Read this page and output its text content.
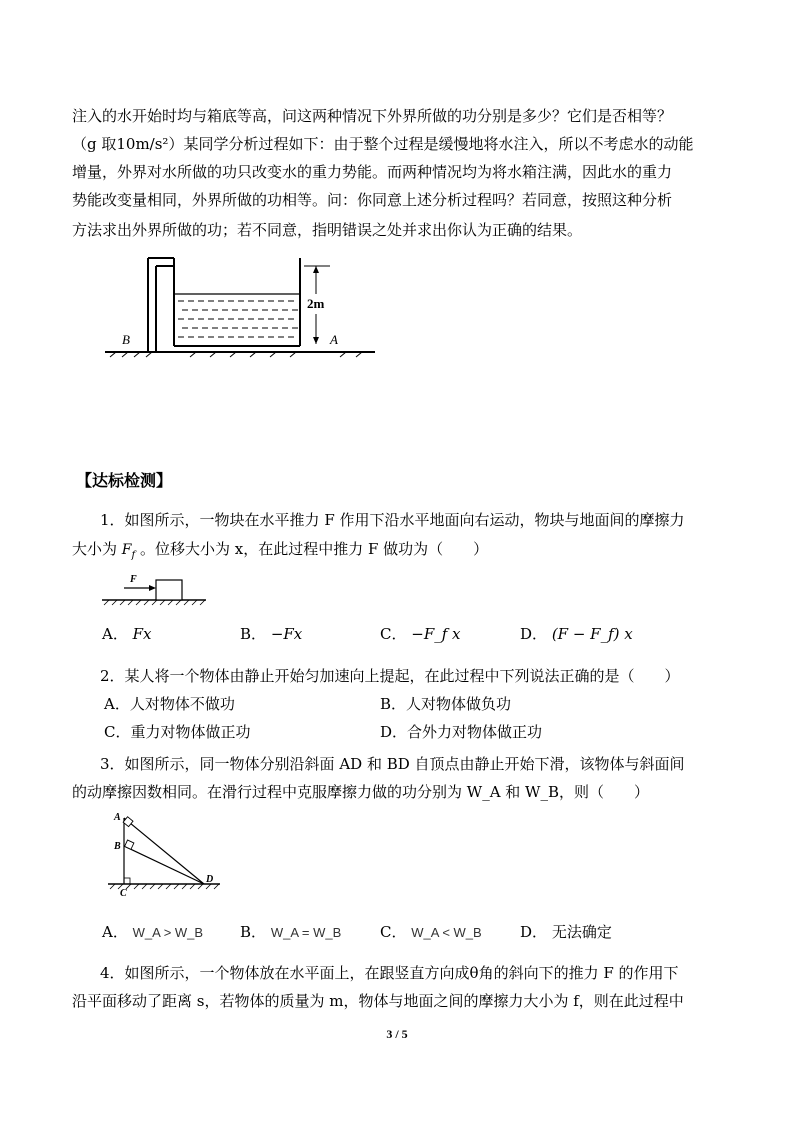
注入的水开始时均与箱底等高，问这两种情况下外界所做的功分别是多少？它们是否相等？
（g 取10m/s²）某同学分析过程如下：由于整个过程是缓慢地将水注入，所以不考虑水的动能
增量，外界对水所做的功只改变水的重力势能。而两种情况均为将水箱注满，因此水的重力
势能改变量相同，外界所做的功相等。问：你同意上述分析过程吗？若同意，按照这种分析
方法求出外界所做的功；若不同意，指明错误之处并求出你认为正确的结果。
2m
B	A
【达标检测】
1．如图所示，一物块在水平推力 F 作用下沿水平地面向右运动，物块与地面间的摩擦力
大小为 $F_f$ 。位移大小为 x，在此过程中推力 F 做功为（　　）
F
A． Fx	B． −Fx	C． −F_f x	D． (F − F_f) x
2．某人将一个物体由静止开始匀加速向上提起，在此过程中下列说法正确的是（　　）
A．人对物体不做功	B．人对物体做负功
C．重力对物体做正功	D．合外力对物体做正功
3．如图所示，同一物体分别沿斜面 AD 和 BD 自顶点由静止开始下滑，该物体与斜面间
的动摩擦因数相同。在滑行过程中克服摩擦力做的功分别为 W_A 和 W_B，则（　　）
A
B
C
D
A． W_A > W_B B． W_A = W_B	C． W_A < W_B	D． 无法确定
4．如图所示，一个物体放在水平面上，在跟竖直方向成θ角的斜向下的推力 F 的作用下
沿平面移动了距离 s，若物体的质量为 m，物体与地面之间的摩擦力大小为 f，则在此过程中
3 / 5
